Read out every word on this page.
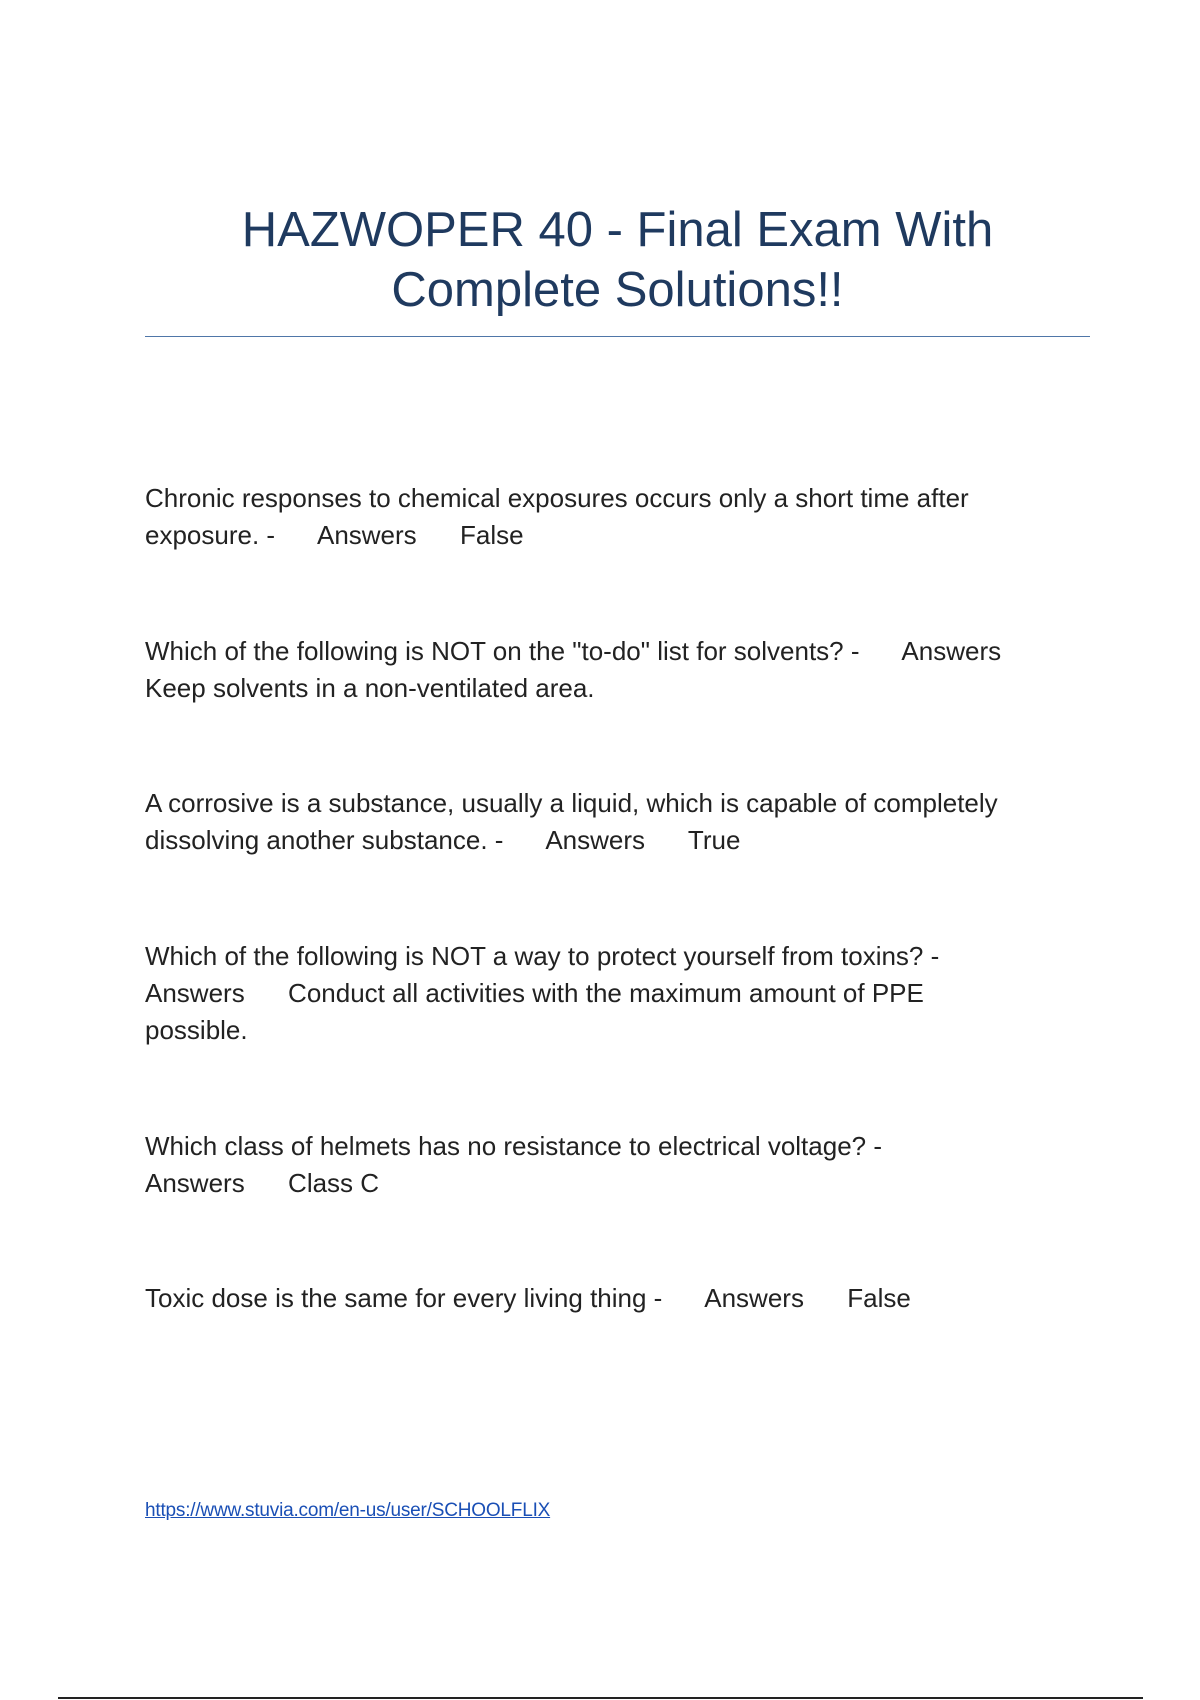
HAZWOPER 40 - Final Exam With
Complete Solutions!!
Chronic responses to chemical exposures occurs only a short time after
exposure. -      Answers      False
Which of the following is NOT on the "to-do" list for solvents? -      Answers
Keep solvents in a non-ventilated area.
A corrosive is a substance, usually a liquid, which is capable of completely
dissolving another substance. -      Answers      True
Which of the following is NOT a way to protect yourself from toxins? -
Answers      Conduct all activities with the maximum amount of PPE
possible.
Which class of helmets has no resistance to electrical voltage? -
Answers      Class C
Toxic dose is the same for every living thing -      Answers      False
https://www.stuvia.com/en-us/user/SCHOOLFLIX
